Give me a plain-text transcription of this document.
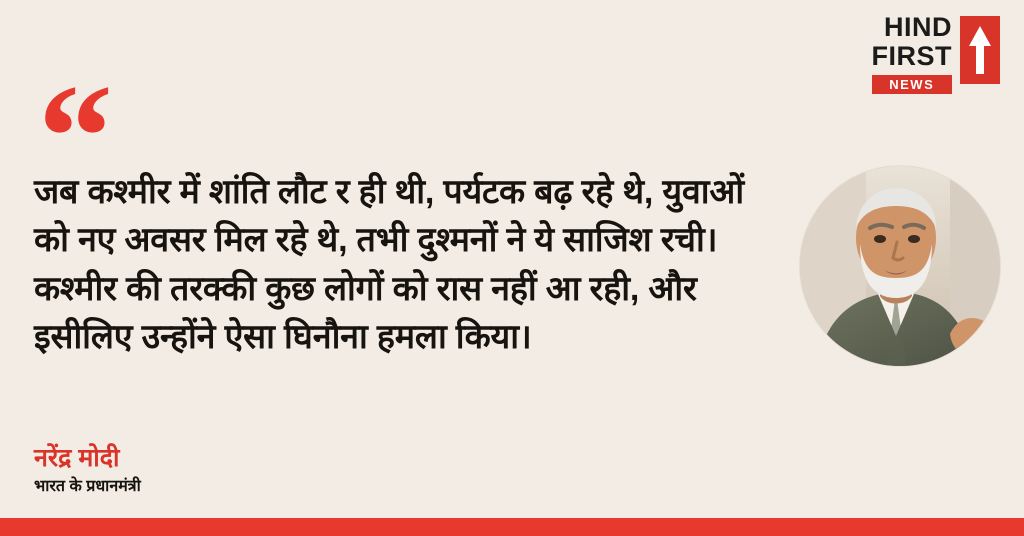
HIND
FIRST
NEWS
“
जब कश्मीर में शांति लौट र ही थी, पर्यटक बढ़ रहे थे, युवाओं को नए अवसर मिल रहे थे, तभी दुश्मनों ने ये साजिश रची। कश्मीर की तरक्की कुछ लोगों को रास नहीं आ रही, और इसीलिए उन्होंने ऐसा घिनौना हमला किया।
नरेंद्र मोदी
भारत के प्रधानमंत्री
